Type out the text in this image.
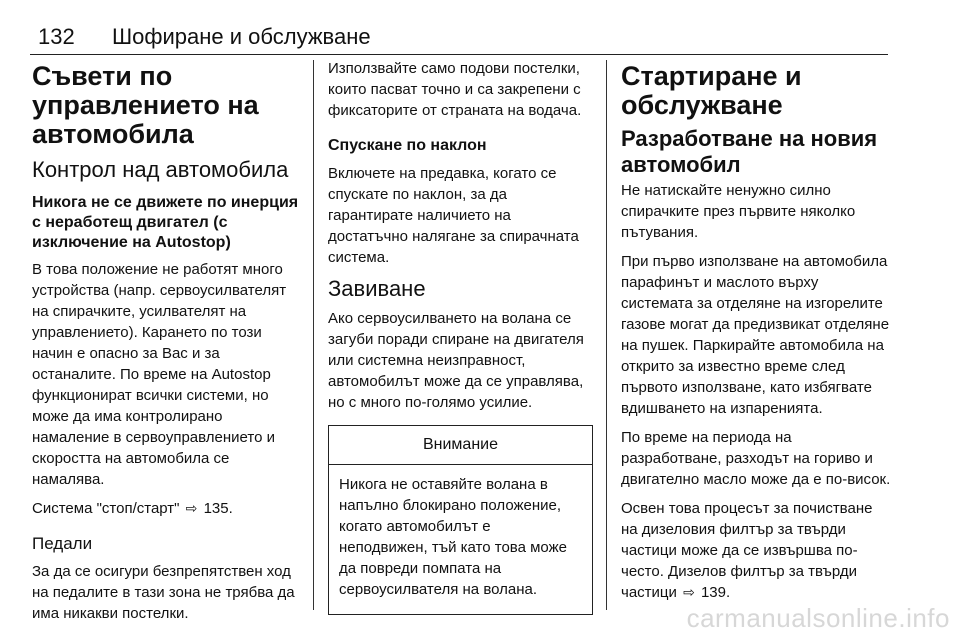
132 Шофиране и обслужване
Съвети по управлението на автомобила
Контрол над автомобила
Никога не се движете по инерция с неработещ двигател (с изключение на Autostop)

В това положение не работят много устройства (напр. сервоусилвателят на спирачките, усилвателят на управлението). Карането по този начин е опасно за Вас и за останалите. По време на Autostop функционират всички системи, но може да има контролирано намаление в сервоуправлението и скоростта на автомобила се намалява.

Система "стоп/старт" ⇨ 135.

Педали

За да се осигури безпрепятствен ход на педалите в тази зона не трябва да има никакви постелки.

Използвайте само подови постелки, които пасват точно и са закрепени с фиксаторите от страната на водача.

Спускане по наклон

Включете на предавка, когато се спускате по наклон, за да гарантирате наличието на достатъчно налягане за спирачната система.

Завиване

Ако сервоусилването на волана се загуби поради спиране на двигателя или системна неизправност, автомобилът може да се управлява, но с много по-голямо усилие.

Внимание

Никога не оставяйте волана в напълно блокирано положение, когато автомобилът е неподвижен, тъй като това може да повреди помпата на сервоусилвателя на волана.

Стартиране и обслужване
Разработване на новия автомобил

Не натискайте ненужно силно спирачките през първите няколко пътувания.

При първо използване на автомобила парафинът и маслото върху системата за отделяне на изгорелите газове могат да предизвикат отделяне на пушек. Паркирайте автомобила на открито за известно време след първото използване, като избягвате вдишването на изпаренията.

По време на периода на разработване, разходът на гориво и двигателно масло може да е по-висок.

Освен това процесът за почистване на дизеловия филтър за твърди частици може да се извършва по-често. Дизелов филтър за твърди частици ⇨ 139.

carmanualsonline.info
